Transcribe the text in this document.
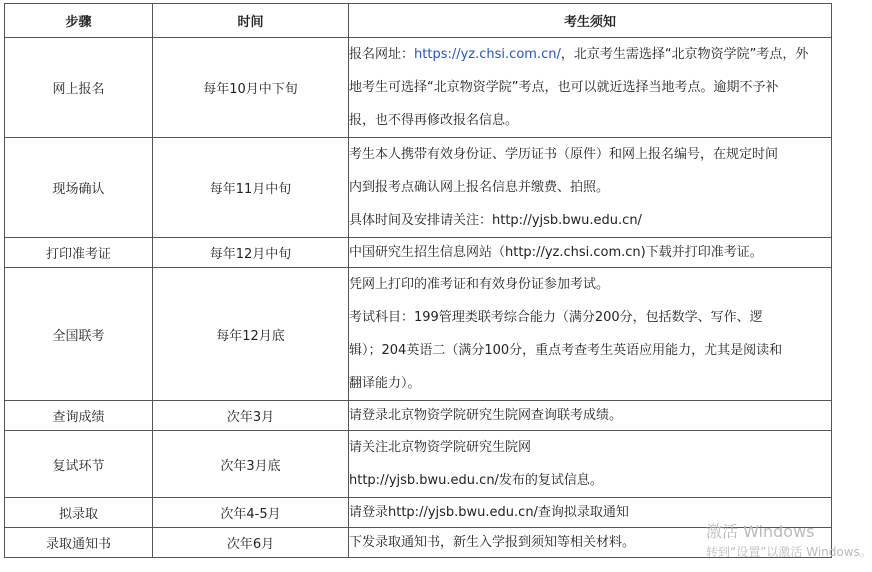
步骤	时间	考生须知
网上报名	每年10月中下旬	报名网址：https://yz.chsi.com.cn/，北京考生需选择“北京物资学院”考点，外

地考生可选择“北京物资学院”考点，也可以就近选择当地考点。逾期不予补

报，也不得再修改报名信息。

现场确认	每年11月中旬	考生本人携带有效身份证、学历证书（原件）和网上报名编号，在规定时间

内到报考点确认网上报名信息并缴费、拍照。

具体时间及安排请关注：http://yjsb.bwu.edu.cn/

打印准考证	每年12月中旬	中国研究生招生信息网站（http://yz.chsi.com.cn)下载并打印准考证。

全国联考	每年12月底	凭网上打印的准考证和有效身份证参加考试。

考试科目：199管理类联考综合能力（满分200分，包括数学、写作、逻

辑）；204英语二（满分100分，重点考查考生英语应用能力，尤其是阅读和

翻译能力）。

查询成绩	次年3月	请登录北京物资学院研究生院网查询联考成绩。

复试环节	次年3月底	请关注北京物资学院研究生院网

http://yjsb.bwu.edu.cn/发布的复试信息。

拟录取	次年4-5月	请登录http://yjsb.bwu.edu.cn/查询拟录取通知

录取通知书	次年6月	下发录取通知书，新生入学报到须知等相关材料。

激活 Windows
转到“设置”以激活 Windows。
